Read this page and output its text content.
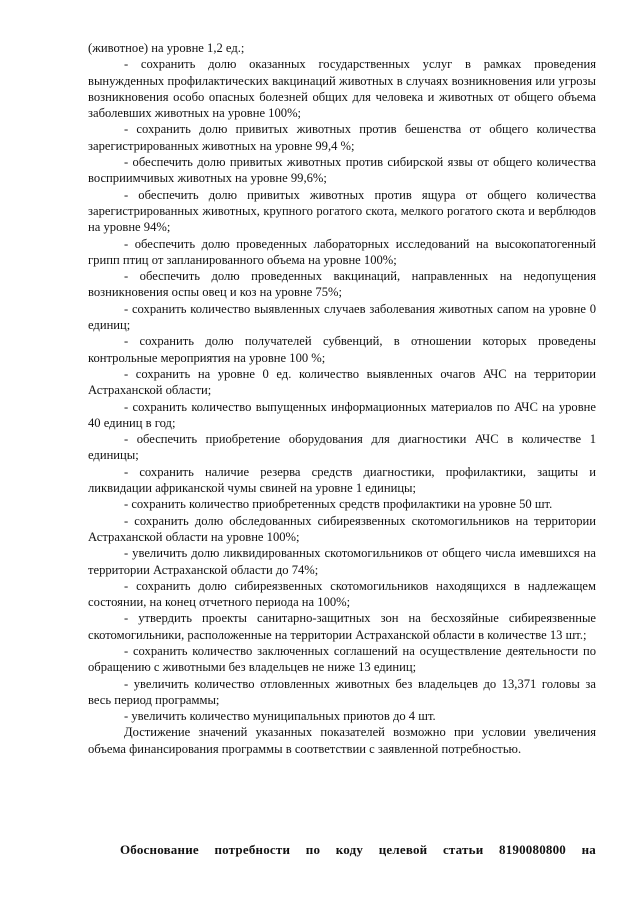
(животное) на уровне 1,2 ед.;

- сохранить долю оказанных государственных услуг в рамках проведения вынужденных профилактических вакцинаций животных в случаях возникновения или угрозы возникновения особо опасных болезней общих для человека и животных от общего объема заболевших животных на уровне 100%;

- сохранить долю привитых животных против бешенства от общего количества зарегистрированных животных на уровне 99,4 %;

- обеспечить долю привитых животных против сибирской язвы от общего количества восприимчивых животных на уровне 99,6%;

- обеспечить долю привитых животных против ящура от общего количества зарегистрированных животных, крупного рогатого скота, мелкого рогатого скота и верблюдов на уровне 94%;

- обеспечить долю проведенных лабораторных исследований на высокопатогенный грипп птиц от запланированного объема на уровне 100%;

- обеспечить долю проведенных вакцинаций, направленных на недопущения возникновения оспы овец и коз на уровне 75%;

- сохранить количество выявленных случаев заболевания животных сапом на уровне 0 единиц;

- сохранить долю получателей субвенций, в отношении которых проведены контрольные мероприятия на уровне 100 %;

- сохранить на уровне 0 ед. количество выявленных очагов АЧС на территории Астраханской области;

- сохранить количество выпущенных информационных материалов по АЧС на уровне 40 единиц в год;

- обеспечить приобретение оборудования для диагностики АЧС в количестве 1 единицы;

- сохранить наличие резерва средств диагностики, профилактики, защиты и ликвидации африканской чумы свиней на уровне 1 единицы;

- сохранить количество приобретенных средств профилактики на уровне 50 шт.

- сохранить долю обследованных сибиреязвенных скотомогильников на территории Астраханской области на уровне 100%;

- увеличить долю ликвидированных скотомогильников от общего числа имевшихся на территории Астраханской области до 74%;

- сохранить долю сибиреязвенных скотомогильников находящихся в надлежащем состоянии, на конец отчетного периода на 100%;

- утвердить проекты санитарно-защитных зон на бесхозяйные сибиреязвенные скотомогильники, расположенные на территории Астраханской области в количестве 13 шт.;

- сохранить количество заключенных соглашений на осуществление деятельности по обращению с животными без владельцев не ниже 13 единиц;

- увеличить количество отловленных животных без владельцев до 13,371 головы за весь период программы;

- увеличить количество муниципальных приютов до 4 шт.

Достижение значений указанных показателей возможно при условии увеличения объема финансирования программы в соответствии с заявленной потребностью.

Обоснование потребности по коду целевой статьи 8190080800 на
